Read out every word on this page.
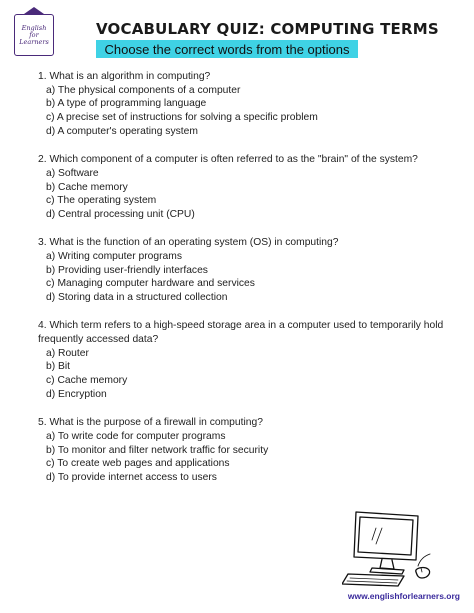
English
for
Learners
VOCABULARY QUIZ: COMPUTING TERMS
Choose the correct words from the options

1. What is an algorithm in computing?

a) The physical components of a computer

b) A type of programming language

c) A precise set of instructions for solving a specific problem

d) A computer's operating system

2. Which component of a computer is often referred to as the "brain" of the system?

a) Software

b) Cache memory

c) The operating system

d) Central processing unit (CPU)

3. What is the function of an operating system (OS) in computing?

a) Writing computer programs

b) Providing user-friendly interfaces

c) Managing computer hardware and services

d) Storing data in a structured collection

4. Which term refers to a high-speed storage area in a computer used to temporarily hold frequently accessed data?

a) Router

b) Bit

c) Cache memory

d) Encryption

5. What is the purpose of a firewall in computing?

a) To write code for computer programs

b) To monitor and filter network traffic for security

c) To create web pages and applications

d) To provide internet access to users

www.englishforlearners.org
